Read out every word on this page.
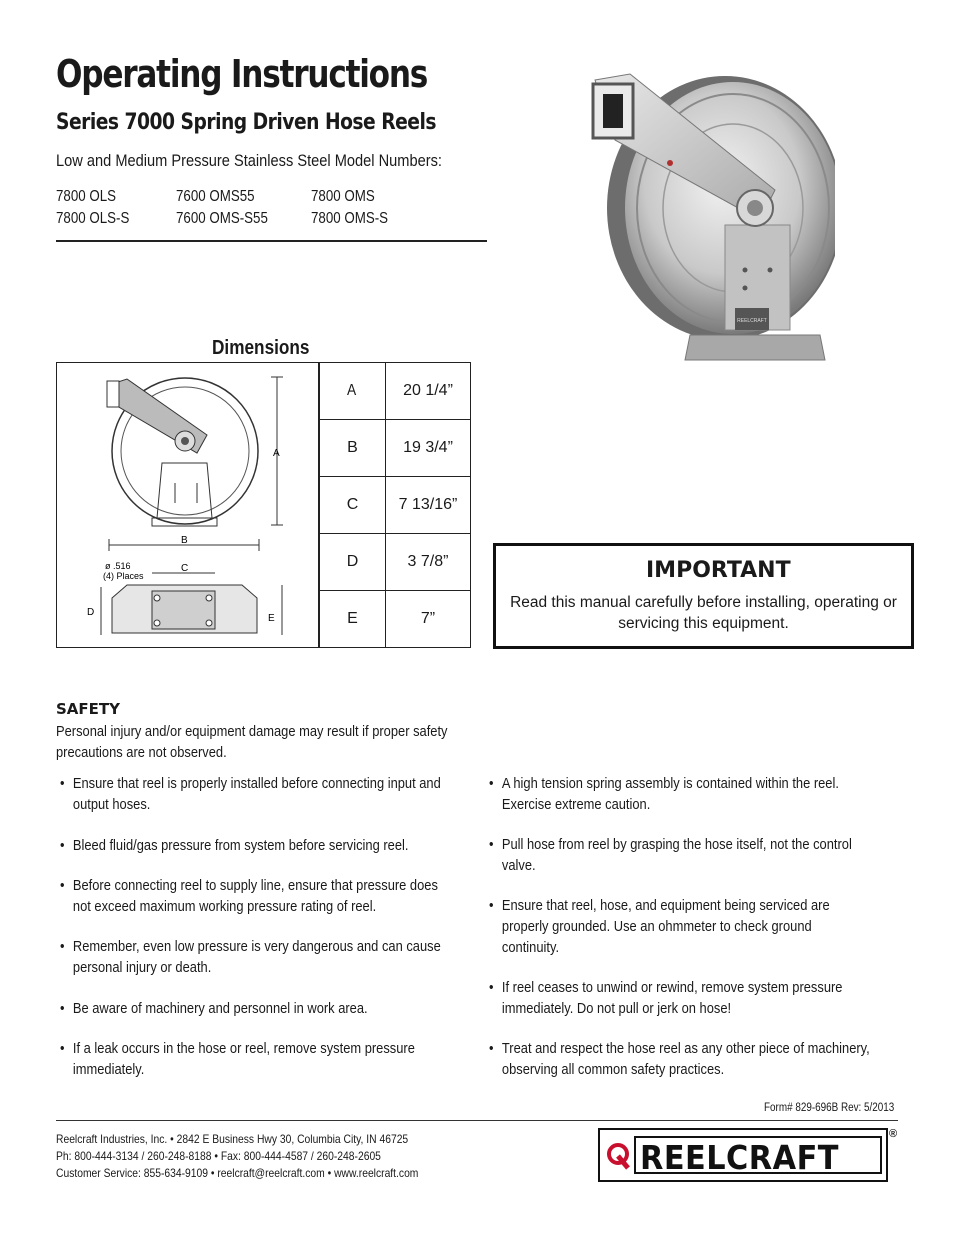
Operating Instructions
Series 7000 Spring Driven Hose Reels
Low and Medium Pressure Stainless Steel Model Numbers:
7800 OLS	7600 OMS55	7800 OMS
7800 OLS-S	7600 OMS-S55	7800 OMS-S
REELCRAFT
Dimensions
A
B
ø .516
(4) Places
C
D
E
A	20 1/4”
B	19 3/4”
C	7 13/16”
D	3 7/8”
E	7”
IMPORTANT
Read this manual carefully before installing, operating or
servicing this equipment.
SAFETY
Personal injury and/or equipment damage may result if proper safety
precautions are not observed.
• Ensure that reel is properly installed before connecting input and
output hoses.
• Bleed fluid/gas pressure from system before servicing reel.
• Before connecting reel to supply line, ensure that pressure does
not exceed maximum working pressure rating of reel.
• Remember, even low pressure is very dangerous and can cause
personal injury or death.
• Be aware of machinery and personnel in work area.
• If a leak occurs in the hose or reel, remove system pressure
immediately.
• A high tension spring assembly is contained within the reel.
Exercise extreme caution.
• Pull hose from reel by grasping the hose itself, not the control
valve.
• Ensure that reel, hose, and equipment being serviced are
properly grounded. Use an ohmmeter to check ground
continuity.
• If reel ceases to unwind or rewind, remove system pressure
immediately. Do not pull or jerk on hose!
• Treat and respect the hose reel as any other piece of machinery,
observing all common safety practices.
Form# 829-696B Rev: 5/2013
Reelcraft Industries, Inc. • 2842 E Business Hwy 30, Columbia City, IN 46725
Ph: 800-444-3134 / 260-248-8188 • Fax: 800-444-4587 / 260-248-2605
Customer Service: 855-634-9109 • reelcraft@reelcraft.com • www.reelcraft.com	REELCRAFT
®
